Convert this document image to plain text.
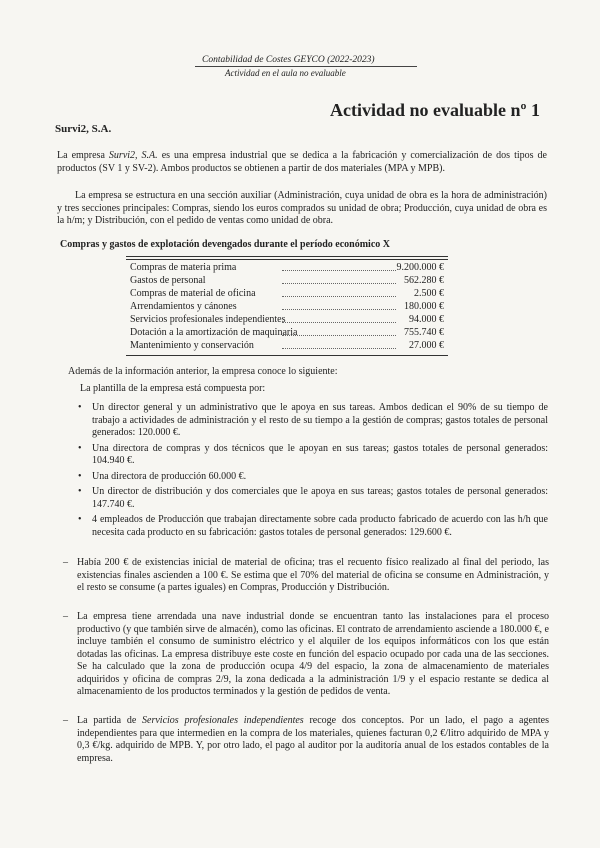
Contabilidad de Costes GEYCO (2022-2023)
Actividad en el aula no evaluable
Actividad no evaluable nº 1
Survi2, S.A.
La empresa Survi2, S.A. es una empresa industrial que se dedica a la fabricación y comercialización de dos tipos de productos (SV 1 y SV-2). Ambos productos se obtienen a partir de dos materiales (MPA y MPB).
La empresa se estructura en una sección auxiliar (Administración, cuya unidad de obra es la hora de administración) y tres secciones principales: Compras, siendo los euros comprados su unidad de obra; Producción, cuya unidad de obra es la h/m; y Distribución, con el pedido de ventas como unidad de obra.
Compras y gastos de explotación devengados durante el período económico X
Compras de materia prima	9.200.000 €
Gastos de personal	562.280 €
Compras de material de oficina	2.500 €
Arrendamientos y cánones	180.000 €
Servicios profesionales independientes	94.000 €
Dotación a la amortización de maquinaria	755.740 €
Mantenimiento y conservación	27.000 €
Además de la información anterior, la empresa conoce lo siguiente:
La plantilla de la empresa está compuesta por:
• Un director general y un administrativo que le apoya en sus tareas. Ambos dedican el 90% de su tiempo de trabajo a actividades de administración y el resto de su tiempo a la gestión de compras; gastos totales de personal generados: 120.000 €.
• Una directora de compras y dos técnicos que le apoyan en sus tareas; gastos totales de personal generados: 104.940 €.
• Una directora de producción 60.000 €.
• Un director de distribución y dos comerciales que le apoya en sus tareas; gastos totales de personal generados: 147.740 €.
• 4 empleados de Producción que trabajan directamente sobre cada producto fabricado de acuerdo con las h/h que necesita cada producto en su fabricación: gastos totales de personal generados: 129.600 €.
– Había 200 € de existencias inicial de material de oficina; tras el recuento físico realizado al final del periodo, las existencias finales ascienden a 100 €. Se estima que el 70% del material de oficina se consume en Administración, y el resto se consume (a partes iguales) en Compras, Producción y Distribución.
– La empresa tiene arrendada una nave industrial donde se encuentran tanto las instalaciones para el proceso productivo (y que también sirve de almacén), como las oficinas. El contrato de arrendamiento asciende a 180.000 €, e incluye también el consumo de suministro eléctrico y el alquiler de los equipos informáticos con los que están dotadas las oficinas. La empresa distribuye este coste en función del espacio ocupado por cada una de las secciones. Se ha calculado que la zona de producción ocupa 4/9 del espacio, la zona de almacenamiento de materiales adquiridos y oficina de compras 2/9, la zona dedicada a la administración 1/9 y el espacio restante se dedica al almacenamiento de los productos terminados y la gestión de pedidos de venta.
– La partida de Servicios profesionales independientes recoge dos conceptos. Por un lado, el pago a agentes independientes para que intermedien en la compra de los materiales, quienes facturan 0,2 €/litro adquirido de MPA y 0,3 €/kg. adquirido de MPB. Y, por otro lado, el pago al auditor por la auditoría anual de los estados contables de la empresa.
